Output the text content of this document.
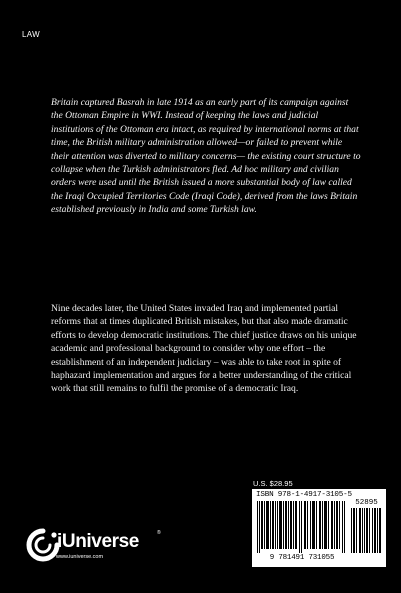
LAW

Britain captured Basrah in late 1914 as an early part of its campaign against the Ottoman Empire in WWI. Instead of keeping the laws and judicial institutions of the Ottoman era intact, as required by international norms at that time, the British military administration allowed—or failed to prevent while their attention was diverted to military concerns— the existing court structure to collapse when the Turkish administrators fled. Ad hoc military and civilian orders were used until the British issued a more substantial body of law called the Iraqi Occupied Territories Code (Iraqi Code), derived from the laws Britain established previously in India and some Turkish law.

Nine decades later, the United States invaded Iraq and implemented partial reforms that at times duplicated British mistakes, but that also made dramatic efforts to develop democratic institutions. The chief justice draws on his unique academic and professional background to consider why one effort – the establishment of an independent judiciary – was able to take root in spite of haphazard implementation and argues for a better understanding of the critical work that still remains to fulfil the promise of a democratic Iraq.

U.S. $28.95
ISBN 978-1-4917-3105-5
52895
9 781491 731055
iUniverse	®
www.iuniverse.com
